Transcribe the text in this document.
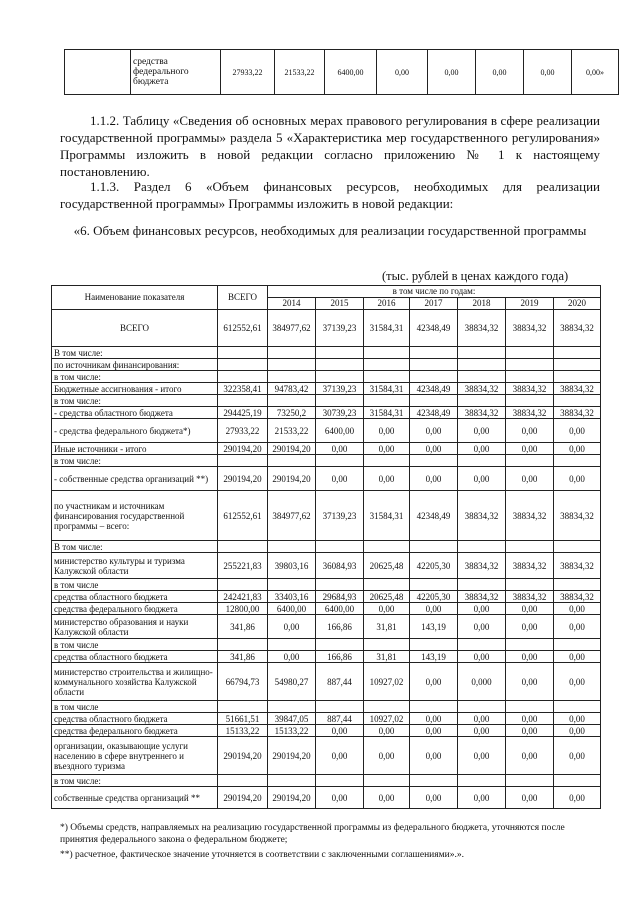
	средства федерального бюджета	27933,22	21533,22	6400,00	0,00	0,00	0,00	0,00	0,00»
1.1.2. Таблицу «Сведения об основных мерах правового регулирования в сфере реализации государственной программы» раздела 5 «Характеристика мер государственного регулирования» Программы изложить в новой редакции согласно приложению № 1 к настоящему постановлению.
1.1.3. Раздел 6 «Объем финансовых ресурсов, необходимых для реализации государственной программы» Программы изложить в новой редакции:
«6. Объем финансовых ресурсов, необходимых для реализации государственной программы
(тыс. рублей в ценах каждого года)
Наименование показателя	ВСЕГО	в том числе по годам:						
		2014	2015	2016	2017	2018	2019	2020
ВСЕГО	612552,61	384977,62	37139,23	31584,31	42348,49	38834,32	38834,32	38834,32
В том числе:								
по источникам финансирования:								
в том числе:								
Бюджетные ассигнования - итого	322358,41	94783,42	37139,23	31584,31	42348,49	38834,32	38834,32	38834,32
в том числе:								
- средства областного бюджета	294425,19	73250,2	30739,23	31584,31	42348,49	38834,32	38834,32	38834,32
- средства федерального бюджета*)	27933,22	21533,22	6400,00	0,00	0,00	0,00	0,00	0,00
Иные источники - итого	290194,20	290194,20	0,00	0,00	0,00	0,00	0,00	0,00
в том числе:								
- собственные средства организаций **)	290194,20	290194,20	0,00	0,00	0,00	0,00	0,00	0,00
по участникам и источникам финансирования государственной программы – всего:	612552,61	384977,62	37139,23	31584,31	42348,49	38834,32	38834,32	38834,32
В том числе:								
министерство культуры и туризма Калужской области	255221,83	39803,16	36084,93	20625,48	42205,30	38834,32	38834,32	38834,32
в том числе								
средства областного бюджета	242421,83	33403,16	29684,93	20625,48	42205,30	38834,32	38834,32	38834,32
средства федерального бюджета	12800,00	6400,00	6400,00	0,00	0,00	0,00	0,00	0,00
министерство образования и науки Калужской области	341,86	0,00	166,86	31,81	143,19	0,00	0,00	0,00
в том числе								
средства областного бюджета	341,86	0,00	166,86	31,81	143,19	0,00	0,00	0,00
министерство строительства и жилищно-коммунального хозяйства Калужской области	66794,73	54980,27	887,44	10927,02	0,00	0,000	0,00	0,00
в том числе								
средства областного бюджета	51661,51	39847,05	887,44	10927,02	0,00	0,00	0,00	0,00
средства федерального бюджета	15133,22	15133,22	0,00	0,00	0,00	0,00	0,00	0,00
организации, оказывающие услуги населению в сфере внутреннего и въездного туризма	290194,20	290194,20	0,00	0,00	0,00	0,00	0,00	0,00
в том числе:								
собственные средства организаций **	290194,20	290194,20	0,00	0,00	0,00	0,00	0,00	0,00
*) Объемы средств, направляемых на реализацию государственной программы из федерального бюджета, уточняются после принятия федерального закона о федеральном бюджете;
**) расчетное, фактическое значение уточняется в соответствии с заключенными соглашениями».».
